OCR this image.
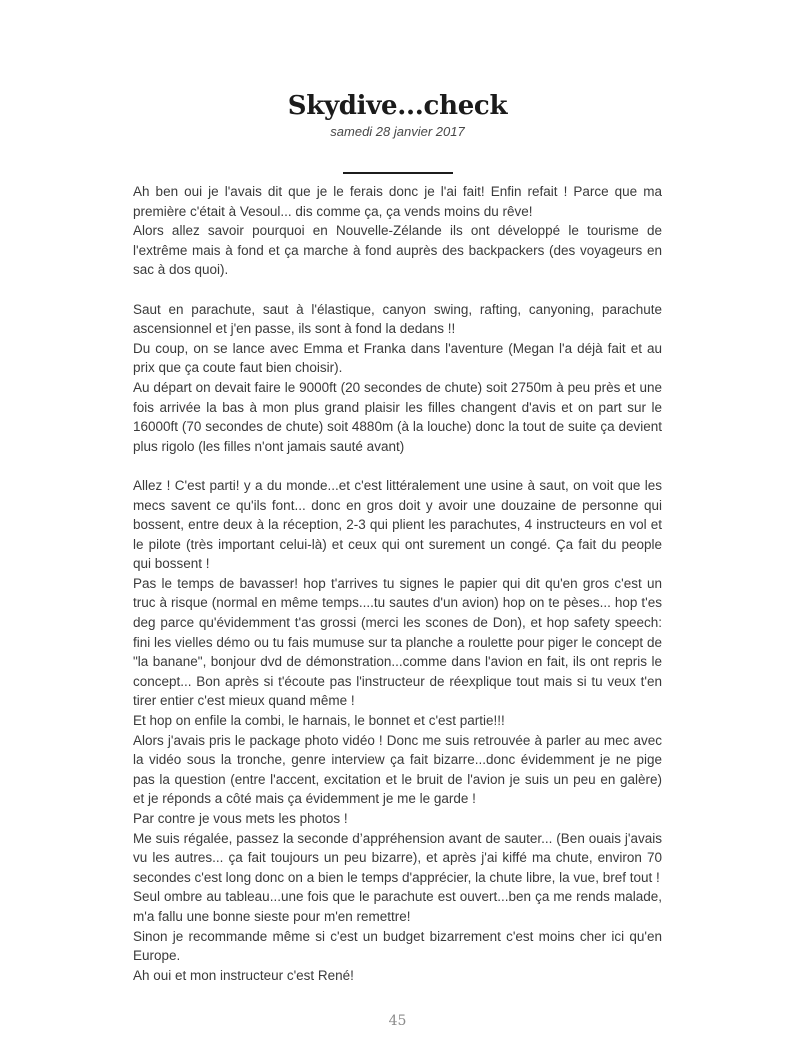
Skydive...check
samedi 28 janvier 2017

Ah ben oui je l'avais dit que je le ferais donc je l'ai fait! Enfin refait ! Parce que ma première c'était à Vesoul... dis comme ça, ça vends moins du rêve!

Alors allez savoir pourquoi en Nouvelle-Zélande ils ont développé le tourisme de l'extrême mais à fond et ça marche à fond auprès des backpackers (des voyageurs en sac à dos quoi).

Saut en parachute, saut à l'élastique, canyon swing, rafting, canyoning, parachute ascensionnel et j'en passe, ils sont à fond la dedans !!

Du coup, on se lance avec Emma et Franka dans l'aventure (Megan l'a déjà fait et au prix que ça coute faut bien choisir).

Au départ on devait faire le 9000ft (20 secondes de chute) soit 2750m à peu près et une fois arrivée la bas à mon plus grand plaisir les filles changent d'avis et on part sur le 16000ft (70 secondes de chute) soit 4880m (à la louche) donc la tout de suite ça devient plus rigolo (les filles n'ont jamais sauté avant)

Allez ! C'est parti! y a du monde...et c'est littéralement une usine à saut, on voit que les mecs savent ce qu'ils font... donc en gros doit y avoir une douzaine de personne qui bossent, entre deux à la réception, 2-3 qui plient les parachutes, 4 instructeurs en vol et le pilote (très important celui-là) et ceux qui ont surement un congé. Ça fait du people qui bossent !

Pas le temps de bavasser! hop t'arrives tu signes le papier qui dit qu'en gros c'est un truc à risque (normal en même temps....tu sautes d'un avion) hop on te pèses... hop t'es deg parce qu'évidemment t'as grossi (merci les scones de Don), et hop safety speech: fini les vielles démo ou tu fais mumuse sur ta planche a roulette pour piger le concept de "la banane", bonjour dvd de démonstration...comme dans l'avion en fait, ils ont repris le concept... Bon après si t'écoute pas l'instructeur de réexplique tout mais si tu veux t'en tirer entier c'est mieux quand même !

Et hop on enfile la combi, le harnais, le bonnet et c'est partie!!!

Alors j'avais pris le package photo vidéo ! Donc me suis retrouvée à parler au mec avec la vidéo sous la tronche, genre interview ça fait bizarre...donc évidemment je ne pige pas la question (entre l'accent, excitation et le bruit de l'avion je suis un peu en galère) et je réponds a côté mais ça évidemment je me le garde !

Par contre je vous mets les photos !

Me suis régalée, passez la seconde d’appréhension avant de sauter... (Ben ouais j'avais vu les autres... ça fait toujours un peu bizarre), et après j'ai kiffé ma chute, environ 70 secondes c'est long donc on a bien le temps d'apprécier, la chute libre, la vue, bref tout !

Seul ombre au tableau...une fois que le parachute est ouvert...ben ça me rends malade, m'a fallu une bonne sieste pour m'en remettre!

Sinon je recommande même si c'est un budget bizarrement c'est moins cher ici qu'en Europe.

Ah oui et mon instructeur c'est René!

45
